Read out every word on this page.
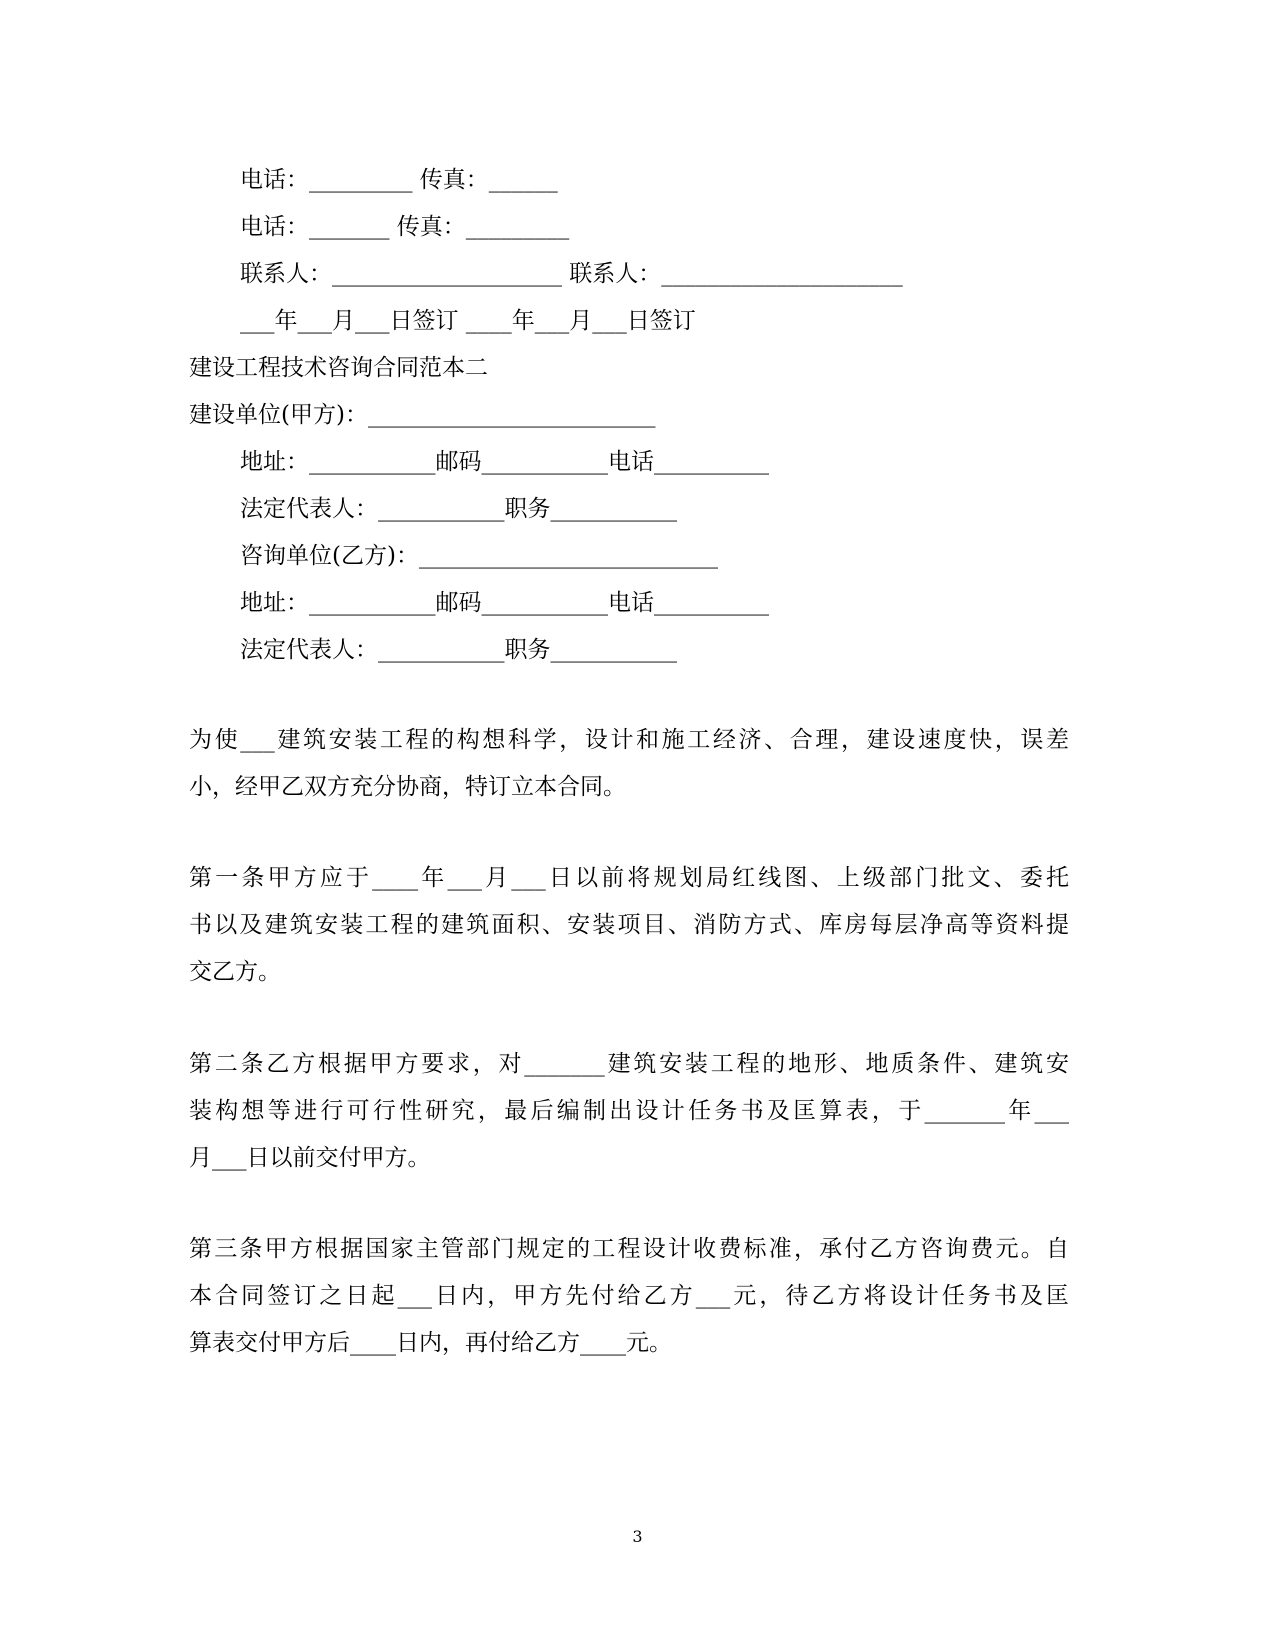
电话：_________ 传真：______
电话：_______ 传真：_________
联系人：____________________ 联系人：_____________________
___年___月___日签订 ____年___月___日签订
建设工程技术咨询合同范本二
建设单位(甲方)：_________________________
地址：___________邮码___________电话__________
法定代表人：___________职务___________
咨询单位(乙方)：__________________________
地址：___________邮码___________电话__________
法定代表人：___________职务___________
为使___建筑安装工程的构想科学，设计和施工经济、合理，建设速度快，误差
小，经甲乙双方充分协商，特订立本合同。
第一条甲方应于____年___月___日以前将规划局红线图、上级部门批文、委托
书以及建筑安装工程的建筑面积、安装项目、消防方式、库房每层净高等资料提
交乙方。
第二条乙方根据甲方要求，对_______建筑安装工程的地形、地质条件、建筑安
装构想等进行可行性研究，最后编制出设计任务书及匡算表，于_______年___
月___日以前交付甲方。
第三条甲方根据国家主管部门规定的工程设计收费标准，承付乙方咨询费元。自
本合同签订之日起___日内，甲方先付给乙方___元，待乙方将设计任务书及匡
算表交付甲方后____日内，再付给乙方____元。
3
